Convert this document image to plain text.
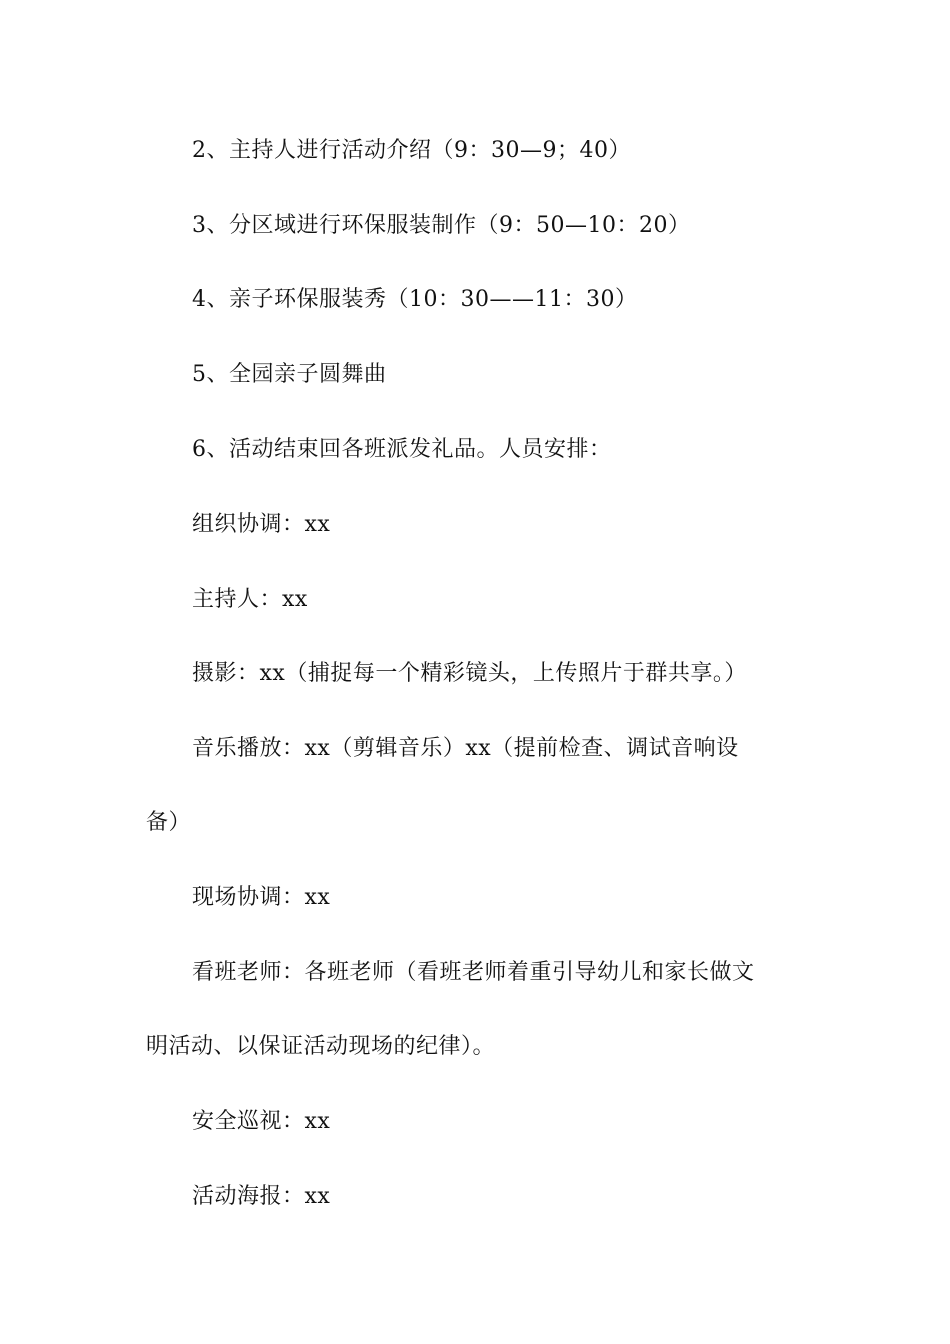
2、主持人进行活动介绍（9：30—9；40）

3、分区域进行环保服装制作（9：50—10：20）

4、亲子环保服装秀（10：30——11：30）

5、全园亲子圆舞曲

6、活动结束回各班派发礼品。人员安排：

组织协调：xx

主持人：xx

摄影：xx（捕捉每一个精彩镜头，上传照片于群共享。）

音乐播放：xx（剪辑音乐）xx（提前检查、调试音响设

备）

现场协调：xx

看班老师：各班老师（看班老师着重引导幼儿和家长做文

明活动、以保证活动现场的纪律）。

安全巡视：xx

活动海报：xx
